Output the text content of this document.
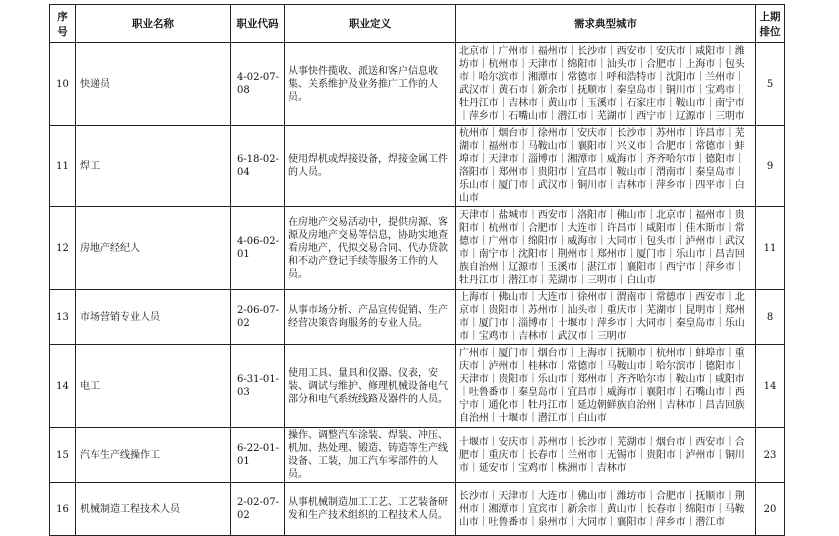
序号	职业名称	职业代码	职业定义	需求典型城市	上期排位
10	快递员	4-02-07-08	从事快件揽收、派送和客户信息收集、关系维护及业务推广工作的人员。	北京市｜广州市｜福州市｜长沙市｜西安市｜安庆市｜咸阳市｜潍坊市｜杭州市｜天津市｜绵阳市｜汕头市｜合肥市｜上海市｜包头市｜哈尔滨市｜湘潭市｜常德市｜呼和浩特市｜沈阳市｜兰州市｜武汉市｜黄石市｜新余市｜抚顺市｜秦皇岛市｜铜川市｜宝鸡市｜牡丹江市｜吉林市｜黄山市｜玉溪市｜石家庄市｜鞍山市｜南宁市｜萍乡市｜石嘴山市｜潜江市｜芜湖市｜西宁市｜辽源市｜三明市	5
11	焊工	6-18-02-04	使用焊机或焊接设备，焊接金属工件的人员。	杭州市｜烟台市｜徐州市｜安庆市｜长沙市｜苏州市｜许昌市｜芜湖市｜福州市｜马鞍山市｜襄阳市｜兴义市｜合肥市｜常德市｜蚌埠市｜天津市｜淄博市｜湘潭市｜威海市｜齐齐哈尔市｜德阳市｜洛阳市｜郑州市｜贵阳市｜宜昌市｜鞍山市｜渭南市｜秦皇岛市｜乐山市｜厦门市｜武汉市｜铜川市｜吉林市｜萍乡市｜四平市｜白山市	9
12	房地产经纪人	4-06-02-01	在房地产交易活动中，提供房源、客源及房地产交易等信息，协助实地查看房地产，代拟交易合同、代办贷款和不动产登记手续等服务工作的人员。	天津市｜盐城市｜西安市｜洛阳市｜佛山市｜北京市｜福州市｜贵阳市｜杭州市｜合肥市｜大连市｜许昌市｜咸阳市｜佳木斯市｜常德市｜广州市｜绵阳市｜威海市｜大同市｜包头市｜泸州市｜武汉市｜南宁市｜沈阳市｜荆州市｜郑州市｜厦门市｜乐山市｜昌吉回族自治州｜辽源市｜玉溪市｜湛江市｜襄阳市｜西宁市｜萍乡市｜牡丹江市｜潜江市｜芜湖市｜三明市｜白山市	11
13	市场营销专业人员	2-06-07-02	从事市场分析、产品宣传促销、生产经营决策咨询服务的专业人员。	上海市｜佛山市｜大连市｜徐州市｜渭南市｜常德市｜西安市｜北京市｜贵阳市｜苏州市｜汕头市｜重庆市｜芜湖市｜昆明市｜郑州市｜厦门市｜淄博市｜十堰市｜萍乡市｜大同市｜秦皇岛市｜乐山市｜宝鸡市｜吉林市｜武汉市｜三明市	8
14	电工	6-31-01-03	使用工具、量具和仪器、仪表，安装、调试与维护、修理机械设备电气部分和电气系统线路及器件的人员。	广州市｜厦门市｜烟台市｜上海市｜抚顺市｜杭州市｜蚌埠市｜重庆市｜泸州市｜桂林市｜常德市｜马鞍山市｜哈尔滨市｜德阳市｜天津市｜贵阳市｜乐山市｜郑州市｜齐齐哈尔市｜鞍山市｜咸阳市｜吐鲁番市｜秦皇岛市｜宜昌市｜威海市｜襄阳市｜石嘴山市｜西宁市｜通化市｜牡丹江市｜延边朝鲜族自治州｜吉林市｜昌吉回族自治州｜十堰市｜潜江市｜白山市	14
15	汽车生产线操作工	6-22-01-01	操作、调整汽车涂装、焊装、冲压、机加、热处理、锻造、铸造等生产线设备、工装，加工汽车零部件的人员。	十堰市｜安庆市｜苏州市｜长沙市｜芜湖市｜烟台市｜西安市｜合肥市｜重庆市｜长春市｜兰州市｜无锡市｜贵阳市｜泸州市｜铜川市｜延安市｜宝鸡市｜株洲市｜吉林市	23
16	机械制造工程技术人员	2-02-07-02	从事机械制造加工工艺、工艺装备研发和生产技术组织的工程技术人员。	长沙市｜天津市｜大连市｜佛山市｜潍坊市｜合肥市｜抚顺市｜荆州市｜湘潭市｜宜宾市｜新余市｜黄山市｜长春市｜绵阳市｜马鞍山市｜吐鲁番市｜泉州市｜大同市｜襄阳市｜萍乡市｜潜江市	20
